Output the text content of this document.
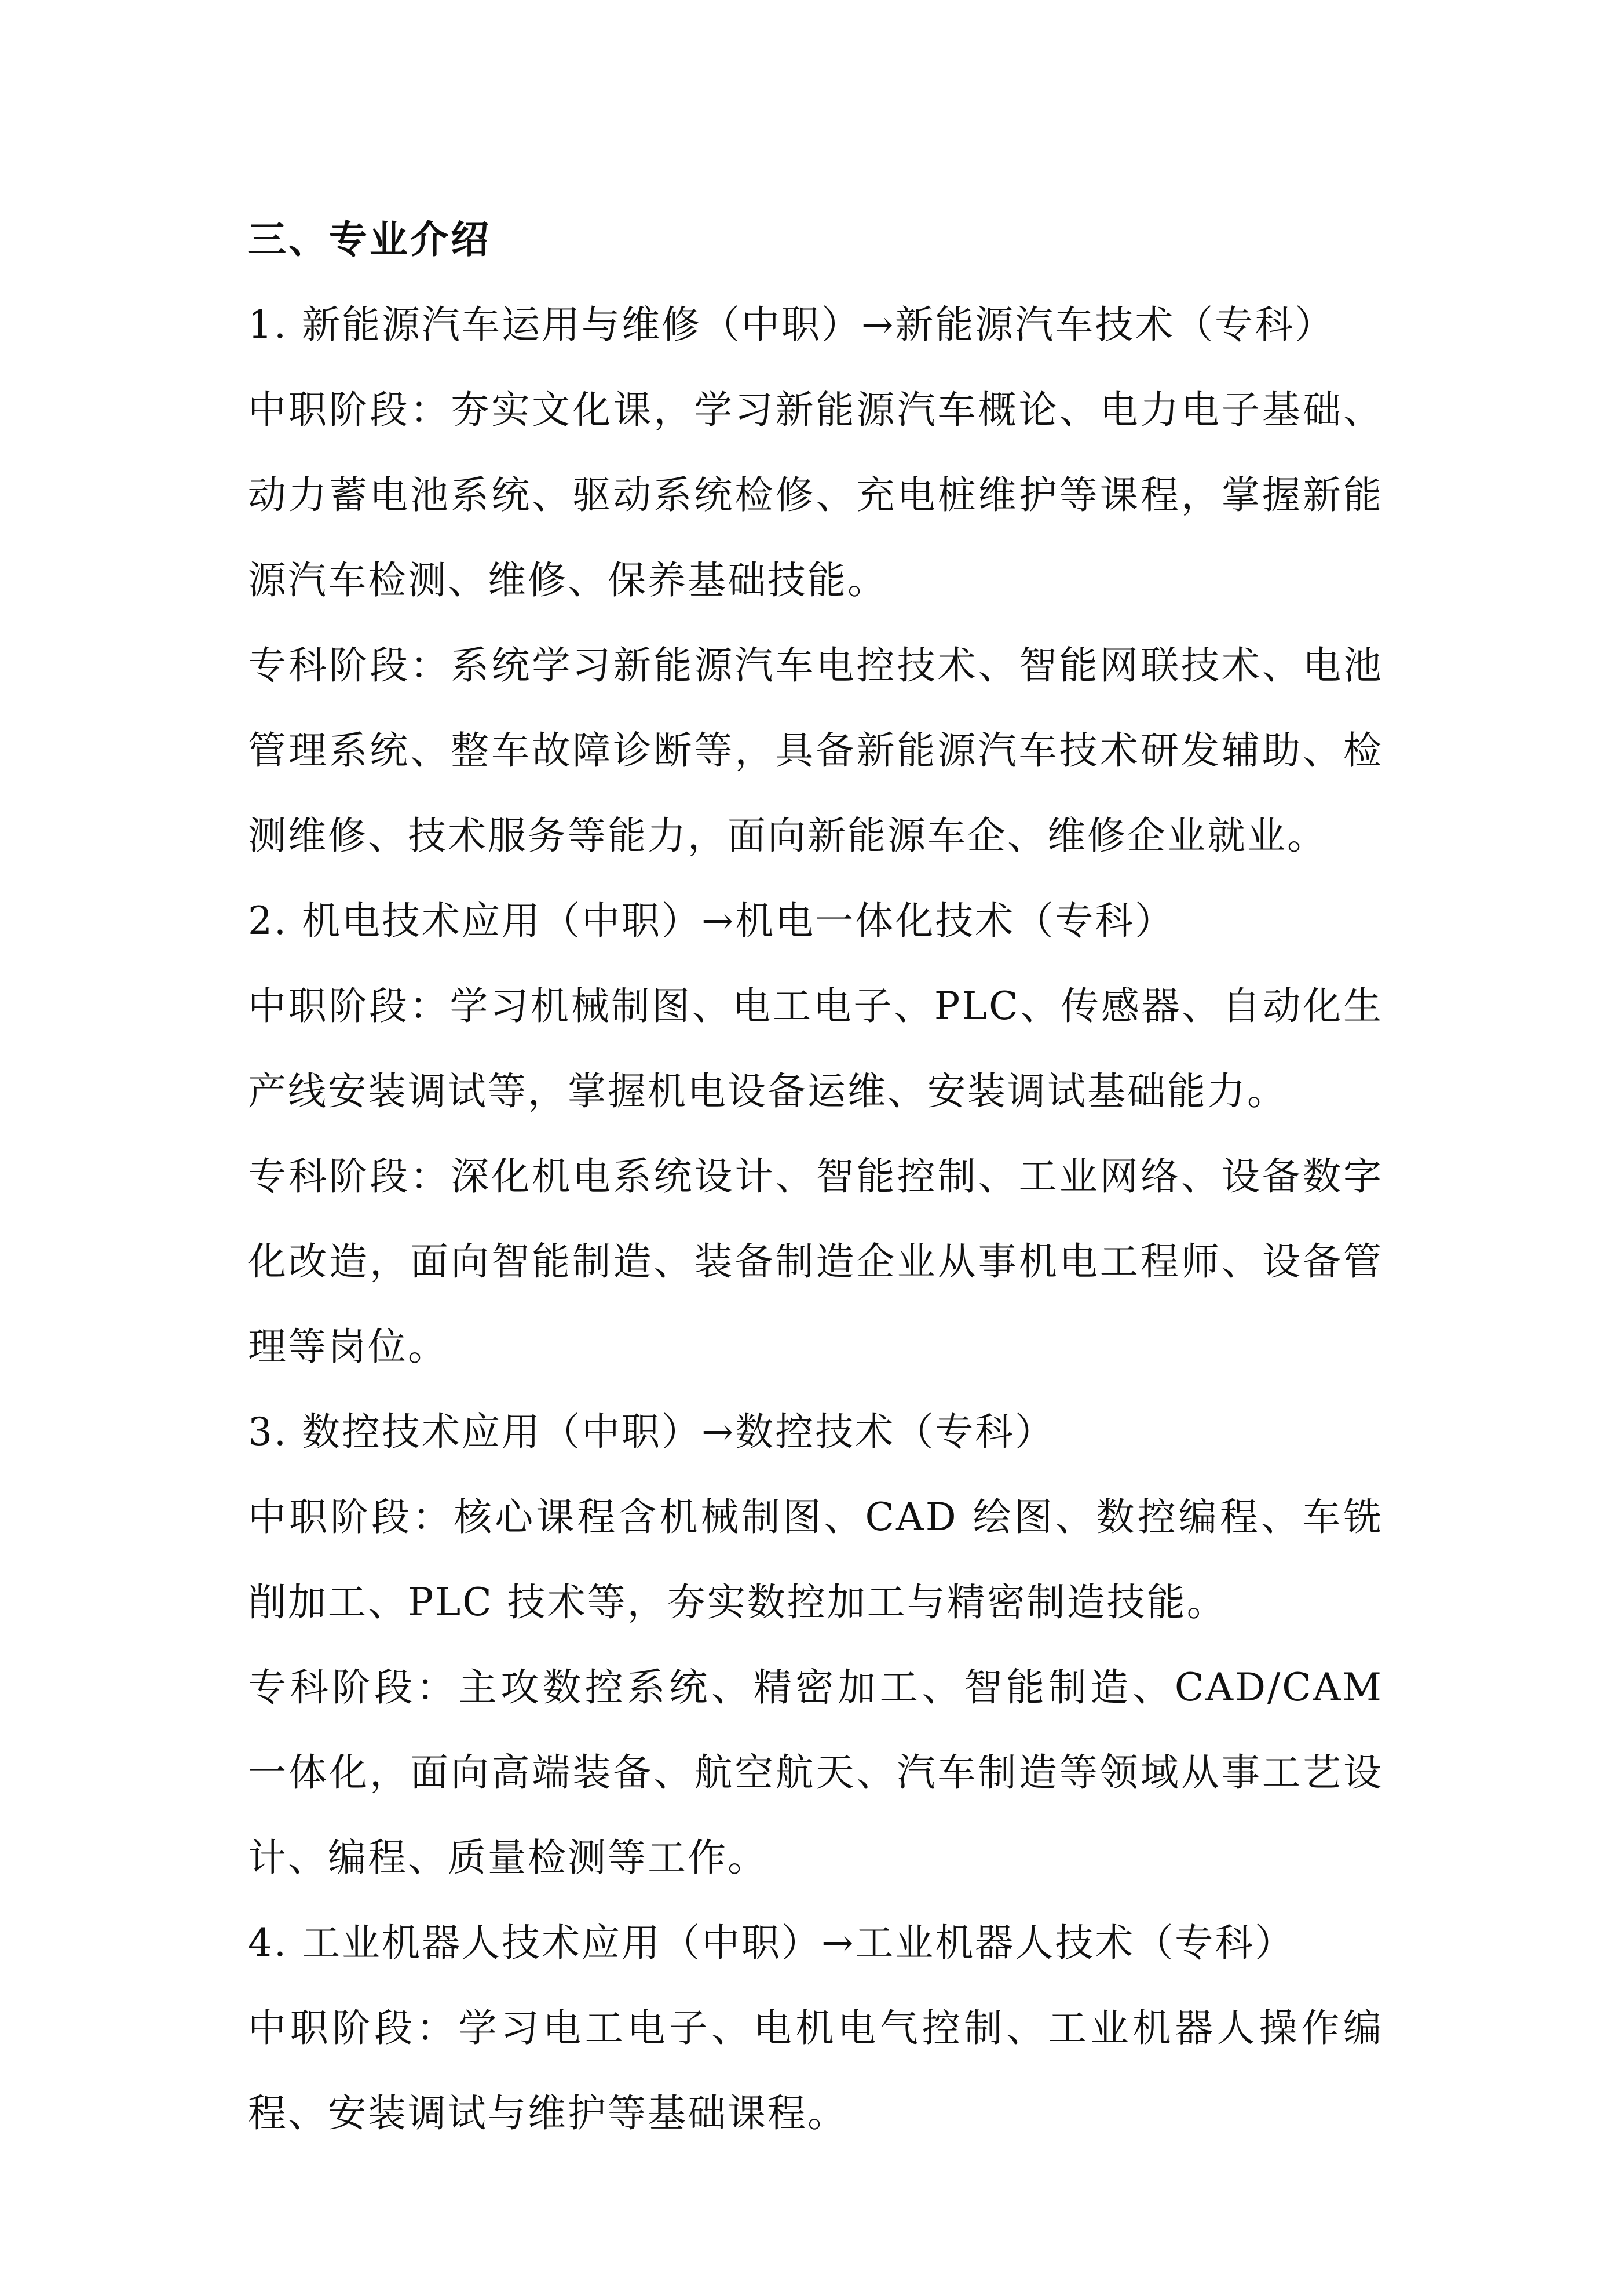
三、专业介绍

1. 新能源汽车运用与维修（中职）→新能源汽车技术（专科）

中职阶段：夯实文化课，学习新能源汽车概论、电力电子基础、动力蓄电池系统、驱动系统检修、充电桩维护等课程，掌握新能源汽车检测、维修、保养基础技能。

专科阶段：系统学习新能源汽车电控技术、智能网联技术、电池管理系统、整车故障诊断等，具备新能源汽车技术研发辅助、检测维修、技术服务等能力，面向新能源车企、维修企业就业。

2. 机电技术应用（中职）→机电一体化技术（专科）

中职阶段：学习机械制图、电工电子、PLC、传感器、自动化生产线安装调试等，掌握机电设备运维、安装调试基础能力。

专科阶段：深化机电系统设计、智能控制、工业网络、设备数字化改造，面向智能制造、装备制造企业从事机电工程师、设备管理等岗位。

3. 数控技术应用（中职）→数控技术（专科）

中职阶段：核心课程含机械制图、CAD 绘图、数控编程、车铣削加工、PLC 技术等，夯实数控加工与精密制造技能。

专科阶段：主攻数控系统、精密加工、智能制造、CAD/CAM 一体化，面向高端装备、航空航天、汽车制造等领域从事工艺设计、编程、质量检测等工作。

4. 工业机器人技术应用（中职）→工业机器人技术（专科）

中职阶段：学习电工电子、电机电气控制、工业机器人操作编程、安装调试与维护等基础课程。
